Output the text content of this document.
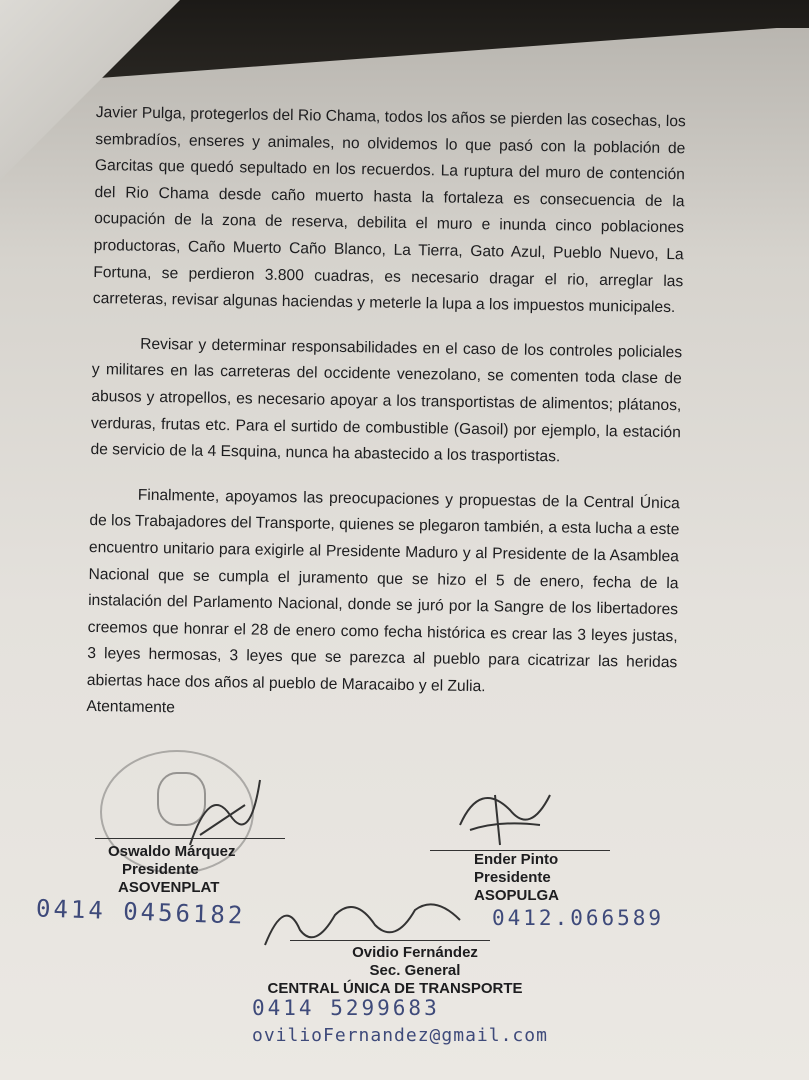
Javier Pulga, protegerlos del Rio Chama, todos los años se pierden las cosechas, los sembradíos, enseres y animales, no olvidemos lo que pasó con la población de Garcitas que quedó sepultado en los recuerdos. La ruptura del muro de contención del Rio Chama desde caño muerto hasta la fortaleza es consecuencia de la ocupación de la zona de reserva, debilita el muro e inunda cinco poblaciones productoras, Caño Muerto Caño Blanco, La Tierra, Gato Azul, Pueblo Nuevo, La Fortuna, se perdieron 3.800 cuadras, es necesario dragar el rio, arreglar las carreteras, revisar algunas haciendas y meterle la lupa a los impuestos municipales.

Revisar y determinar responsabilidades en el caso de los controles policiales y militares en las carreteras del occidente venezolano, se comenten toda clase de abusos y atropellos, es necesario apoyar a los transportistas de alimentos; plátanos, verduras, frutas etc. Para el surtido de combustible (Gasoil) por ejemplo, la estación de servicio de la 4 Esquina, nunca ha abastecido a los trasportistas.

Finalmente, apoyamos las preocupaciones y propuestas de la Central Única de los Trabajadores del Transporte, quienes se plegaron también, a esta lucha a este encuentro unitario para exigirle al Presidente Maduro y al Presidente de la Asamblea Nacional que se cumpla el juramento que se hizo el 5 de enero, fecha de la instalación del Parlamento Nacional, donde se juró por la Sangre de los libertadores creemos que honrar el 28 de enero como fecha histórica es crear las 3 leyes justas, 3 leyes hermosas, 3 leyes que se parezca al pueblo para cicatrizar las heridas abiertas hace dos años al pueblo de Maracaibo y el Zulia.

Atentamente

Oswaldo Márquez
Presidente
ASOVENPLAT
Ender Pinto
Presidente
ASOPULGA
Ovidio Fernández
Sec. General
CENTRAL ÚNICA DE TRANSPORTE
0414 0456182	0412.066589
0414 5299683
ovilioFernandez@gmail.com
